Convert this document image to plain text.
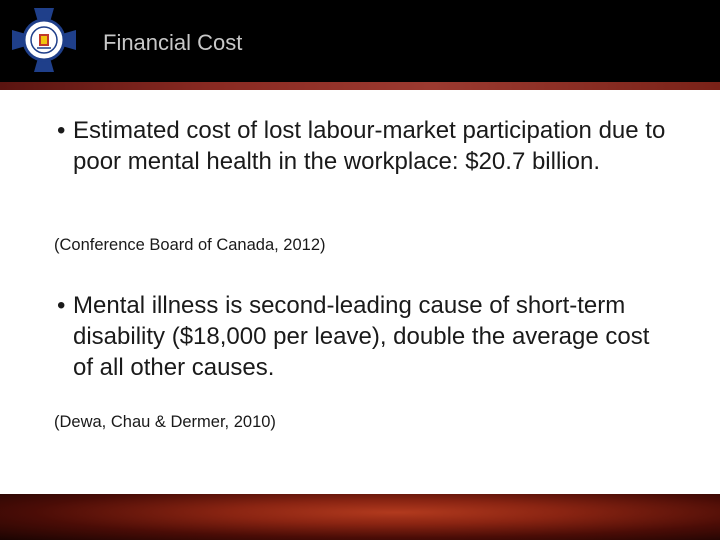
Financial Cost
• Estimated cost of lost labour-market participation due to poor mental health in the workplace: $20.7 billion.
(Conference Board of Canada, 2012)
• Mental illness is second-leading cause of short-term disability ($18,000 per leave), double the average cost of all other causes.
(Dewa, Chau & Dermer, 2010)
